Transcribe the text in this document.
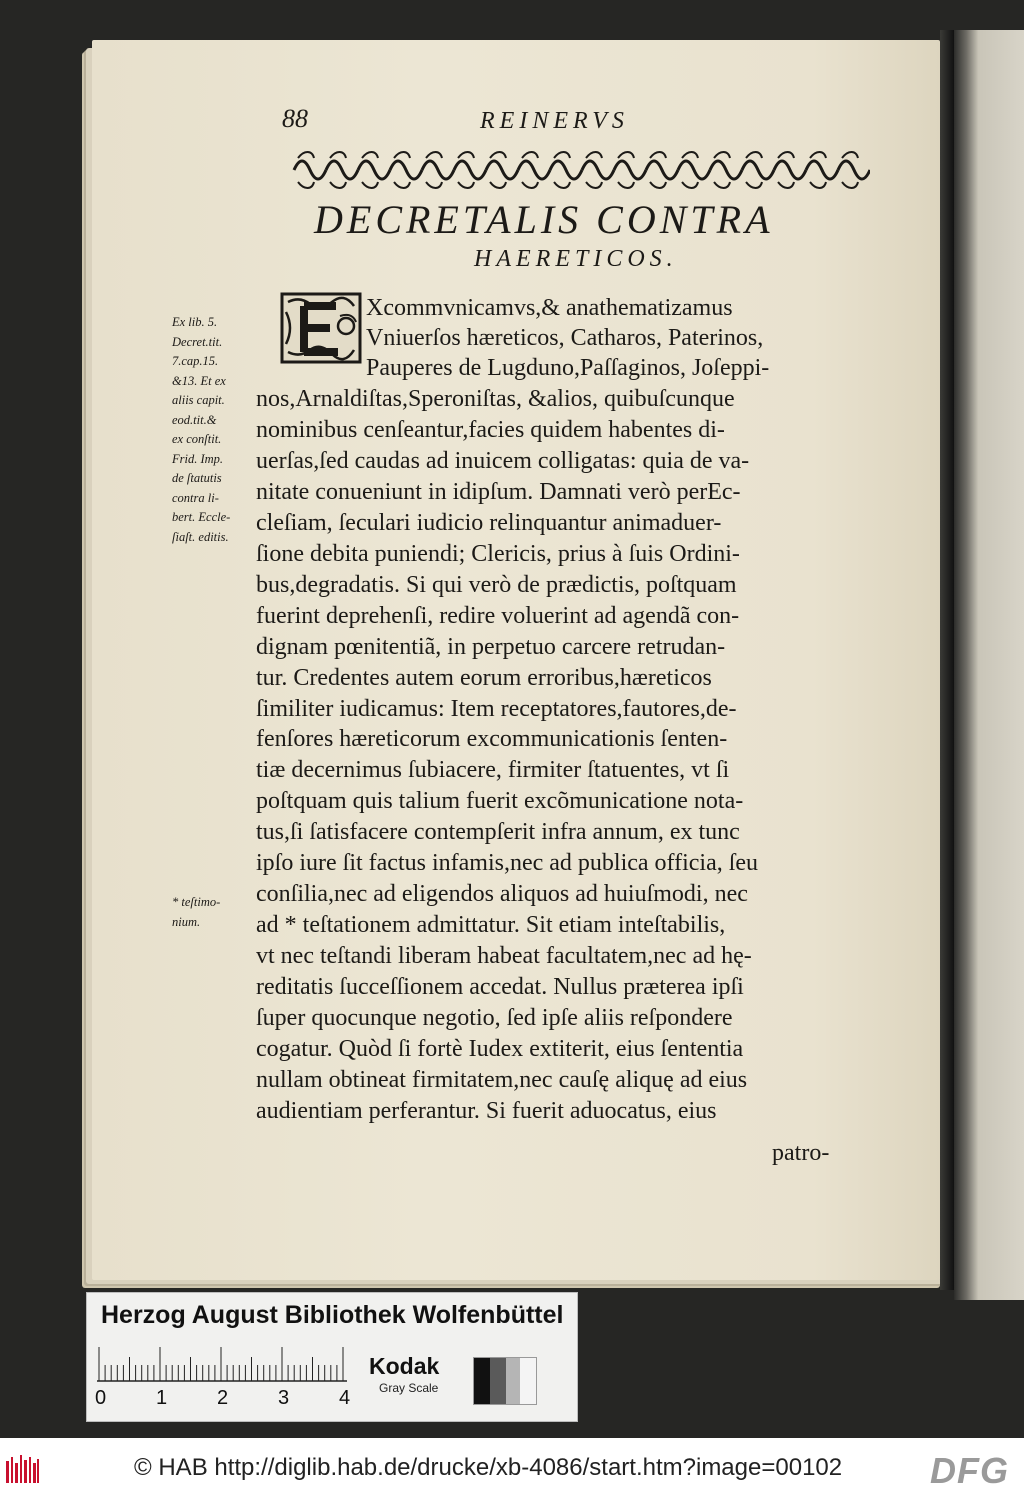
88	REINERVS
DECRETALIS CONTRA
HAERETICOS.
Xcommvnicamvs,& anathematizamus
Vniuerſos hæreticos, Catharos, Paterinos,
Pauperes de Lugduno,Paſſaginos, Joſeppi-
nos,Arnaldiſtas,Speroniſtas, &alios, quibuſcunque
nominibus cenſeantur,facies quidem habentes di-
uerſas,ſed caudas ad inuicem colligatas: quia de va-
nitate conueniunt in idipſum. Damnati verò perEc-
cleſiam, ſeculari iudicio relinquantur animaduer-
ſione debita puniendi; Clericis, prius à ſuis Ordini-
bus,degradatis. Si qui verò de prædictis, poſtquam
fuerint deprehenſi, redire voluerint ad agendã con-
dignam pœnitentiã, in perpetuo carcere retrudan-
tur. Credentes autem eorum erroribus,hæreticos
ſimiliter iudicamus: Item receptatores,fautores,de-
fenſores hæreticorum excommunicationis ſenten-
tiæ decernimus ſubiacere, firmiter ſtatuentes, vt ſi
poſtquam quis talium fuerit excõmunicatione nota-
tus,ſi ſatisfacere contempſerit infra annum, ex tunc
ipſo iure ſit factus infamis,nec ad publica officia, ſeu
conſilia,nec ad eligendos aliquos ad huiuſmodi, nec
ad * teſtationem admittatur. Sit etiam inteſtabilis,
vt nec teſtandi liberam habeat facultatem,nec ad hę-
reditatis ſucceſſionem accedat. Nullus præterea ipſi
ſuper quocunque negotio, ſed ipſe aliis reſpondere
cogatur. Quòd ſi fortè Iudex extiterit, eius ſententia
nullam obtineat firmitatem,nec cauſę aliquę ad eius
audientiam perferantur. Si fuerit aduocatus, eius
patro-
Ex lib. 5.
Decret.tit.
7.cap.15.
&13. Et ex
aliis capit.
eod.tit.&
ex conſtit.
Frid. Imp.
de ſtatutis
contra li-
bert. Eccle-
ſiaſt. editis.
* teſtimo-
nium.
Herzog August Bibliothek Wolfenbüttel
0 1 2 3 4
Kodak
Gray Scale
© HAB http://diglib.hab.de/drucke/xb-4086/start.htm?image=00102 DFG
